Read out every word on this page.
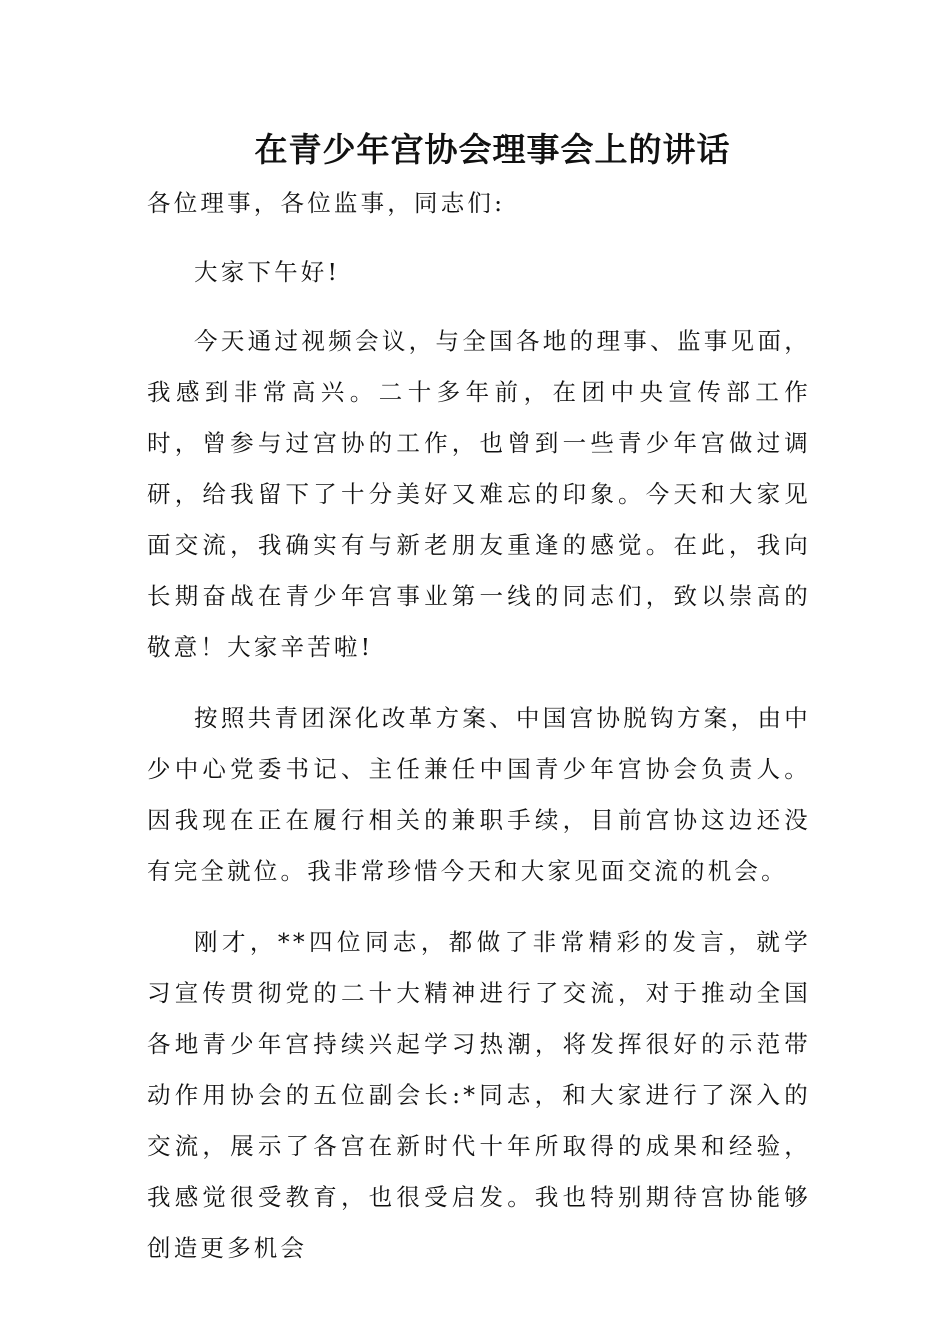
在青少年宫协会理事会上的讲话

各位理事，各位监事，同志们:

大家下午好!

今天通过视频会议，与全国各地的理事、监事见面，我感到非常高兴。二十多年前，在团中央宣传部工作时，曾参与过宫协的工作，也曾到一些青少年宫做过调研，给我留下了十分美好又难忘的印象。今天和大家见面交流，我确实有与新老朋友重逢的感觉。在此，我向长期奋战在青少年宫事业第一线的同志们，致以崇高的敬意！大家辛苦啦!

按照共青团深化改革方案、中国宫协脱钩方案，由中少中心党委书记、主任兼任中国青少年宫协会负责人。因我现在正在履行相关的兼职手续，目前宫协这边还没有完全就位。我非常珍惜今天和大家见面交流的机会。

刚才，**四位同志，都做了非常精彩的发言，就学习宣传贯彻党的二十大精神进行了交流，对于推动全国各地青少年宫持续兴起学习热潮，将发挥很好的示范带动作用协会的五位副会长:*同志，和大家进行了深入的交流，展示了各宫在新时代十年所取得的成果和经验，我感觉很受教育，也很受启发。我也特别期待宫协能够创造更多机会
